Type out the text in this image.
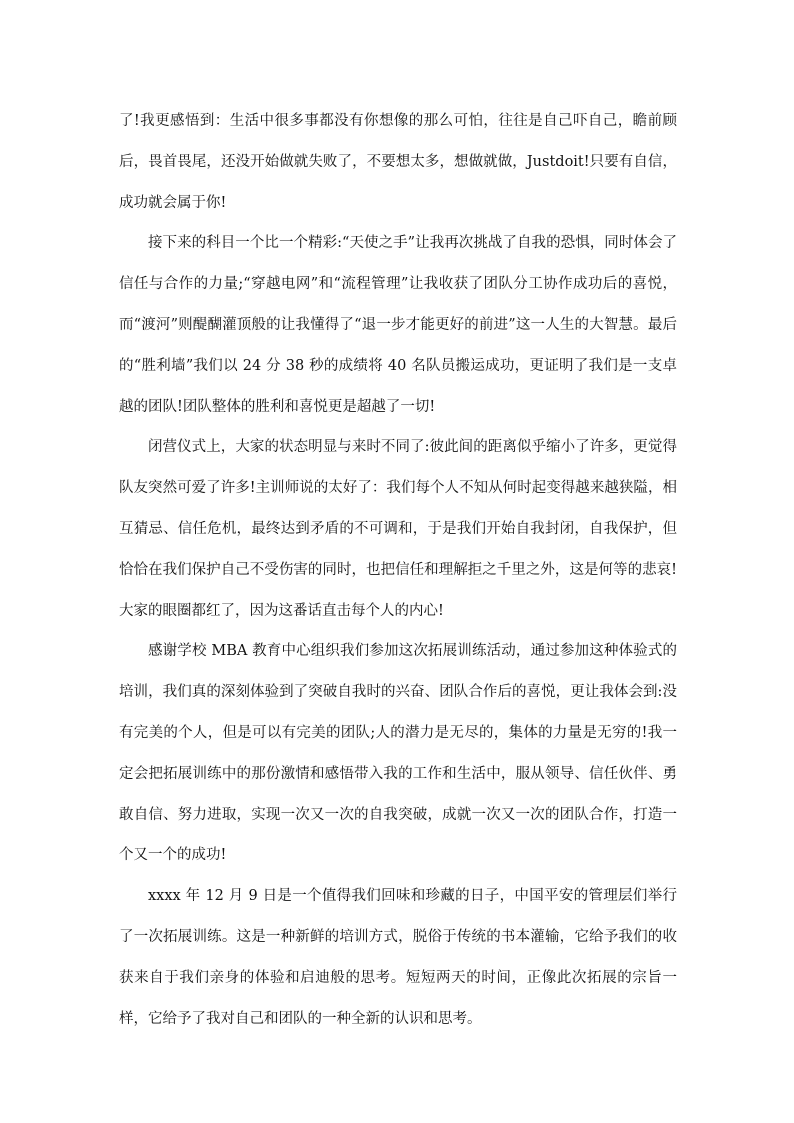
了!我更感悟到：生活中很多事都没有你想像的那么可怕，往往是自己吓自己，瞻前顾后，畏首畏尾，还没开始做就失败了，不要想太多，想做就做，Justdoit!只要有自信，成功就会属于你!

接下来的科目一个比一个精彩:“天使之手”让我再次挑战了自我的恐惧，同时体会了信任与合作的力量;“穿越电网”和“流程管理”让我收获了团队分工协作成功后的喜悦，而“渡河”则醍醐灌顶般的让我懂得了“退一步才能更好的前进”这一人生的大智慧。最后的“胜利墙”我们以 24 分 38 秒的成绩将 40 名队员搬运成功，更证明了我们是一支卓越的团队!团队整体的胜利和喜悦更是超越了一切!

闭营仪式上，大家的状态明显与来时不同了:彼此间的距离似乎缩小了许多，更觉得队友突然可爱了许多!主训师说的太好了：我们每个人不知从何时起变得越来越狭隘，相互猜忌、信任危机，最终达到矛盾的不可调和，于是我们开始自我封闭，自我保护，但恰恰在我们保护自己不受伤害的同时，也把信任和理解拒之千里之外，这是何等的悲哀!大家的眼圈都红了，因为这番话直击每个人的内心!

感谢学校 MBA 教育中心组织我们参加这次拓展训练活动，通过参加这种体验式的培训，我们真的深刻体验到了突破自我时的兴奋、团队合作后的喜悦，更让我体会到:没有完美的个人，但是可以有完美的团队;人的潜力是无尽的，集体的力量是无穷的!我一定会把拓展训练中的那份激情和感悟带入我的工作和生活中，服从领导、信任伙伴、勇敢自信、努力进取，实现一次又一次的自我突破，成就一次又一次的团队合作，打造一个又一个的成功!

xxxx 年 12 月 9 日是一个值得我们回味和珍藏的日子，中国平安的管理层们举行了一次拓展训练。这是一种新鲜的培训方式，脱俗于传统的书本灌输，它给予我们的收获来自于我们亲身的体验和启迪般的思考。短短两天的时间，正像此次拓展的宗旨一样，它给予了我对自己和团队的一种全新的认识和思考。
